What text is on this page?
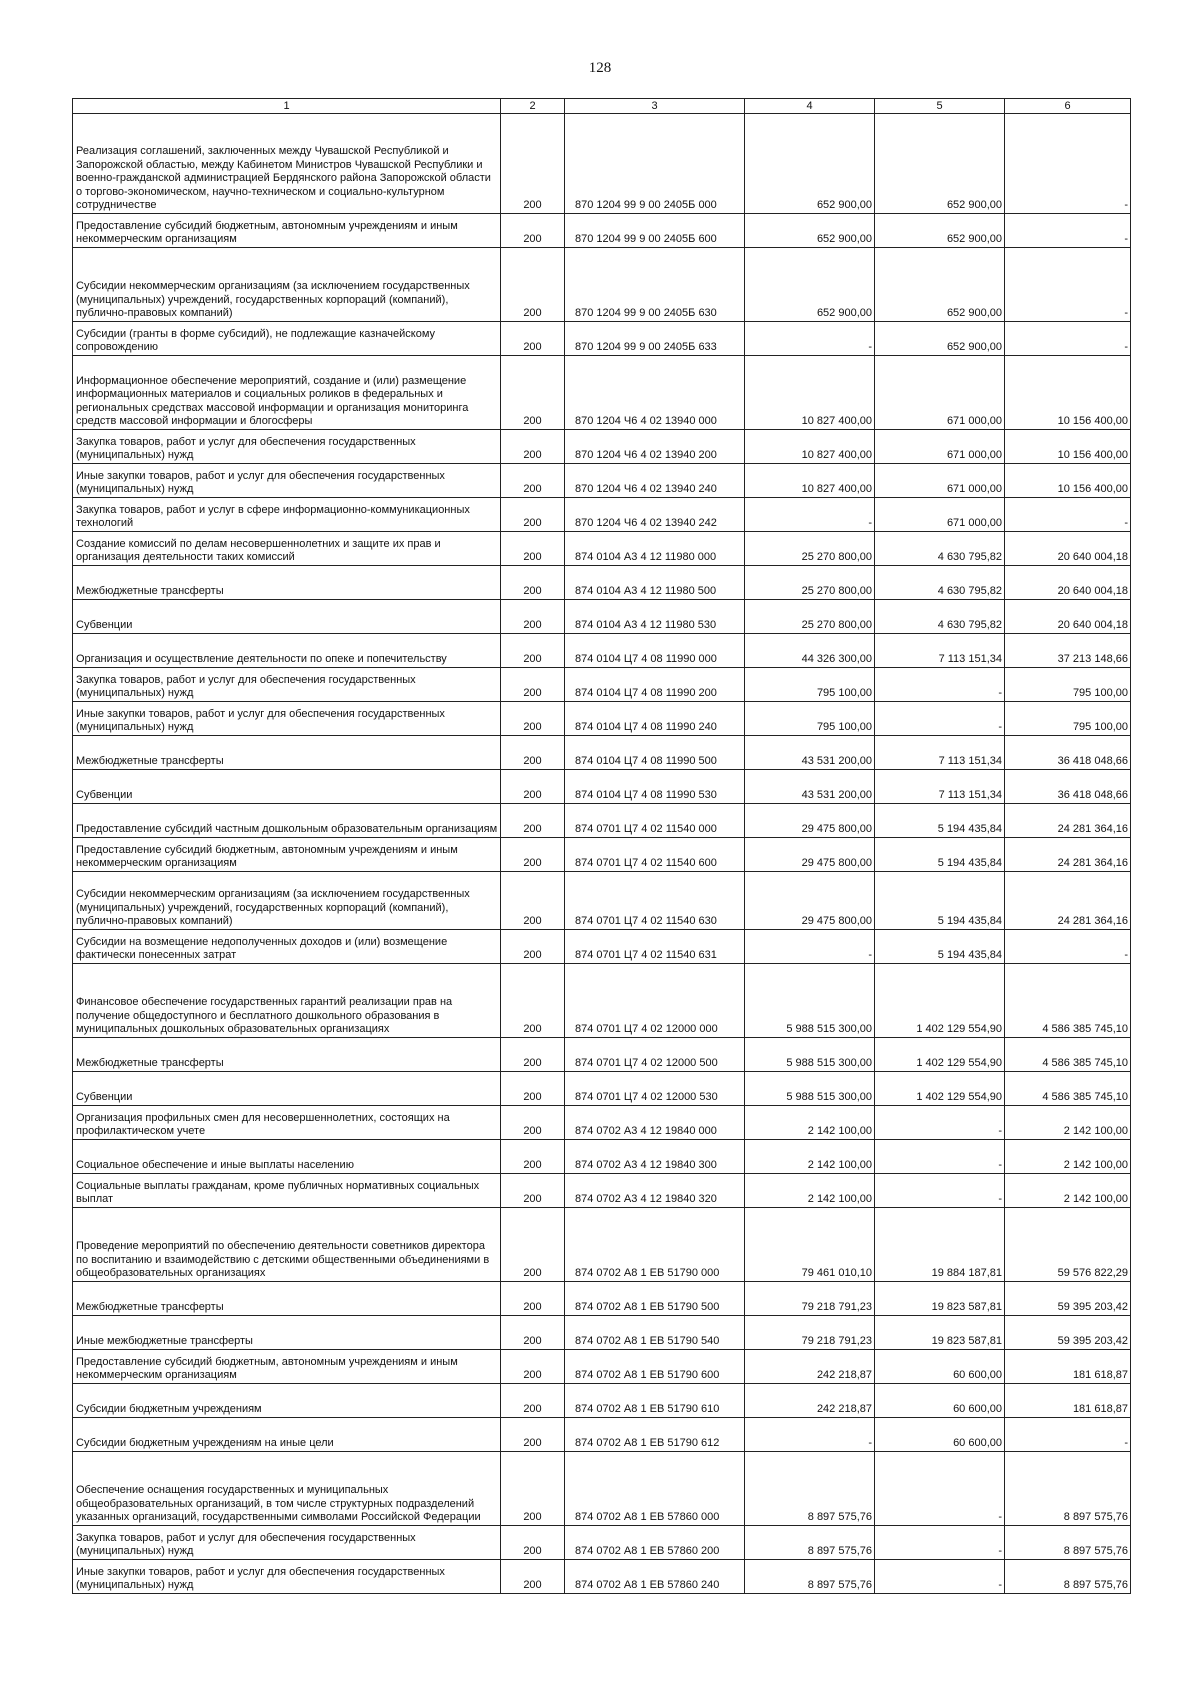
128
1	2	3	4	5	6
Реализация соглашений, заключенных между Чувашской Республикой и Запорожской областью, между Кабинетом Министров Чувашской Республики и военно-гражданской администрацией Бердянского района Запорожской области о торгово-экономическом, научно-техническом и социально-культурном сотрудничестве	200	870 1204 99 9 00 2405Б 000	652 900,00	652 900,00	-
Предоставление субсидий бюджетным, автономным учреждениям и иным некоммерческим организациям	200	870 1204 99 9 00 2405Б 600	652 900,00	652 900,00	-
Субсидии некоммерческим организациям (за исключением государственных (муниципальных) учреждений, государственных корпораций (компаний), публично-правовых компаний)	200	870 1204 99 9 00 2405Б 630	652 900,00	652 900,00	-
Субсидии (гранты в форме субсидий), не подлежащие казначейскому сопровождению	200	870 1204 99 9 00 2405Б 633	-	652 900,00	-
Информационное обеспечение мероприятий, создание и (или) размещение информационных материалов и социальных роликов в федеральных и региональных средствах массовой информации и организация мониторинга средств массовой информации и блогосферы	200	870 1204 Ч6 4 02 13940 000	10 827 400,00	671 000,00	10 156 400,00
Закупка товаров, работ и услуг для обеспечения государственных (муниципальных) нужд	200	870 1204 Ч6 4 02 13940 200	10 827 400,00	671 000,00	10 156 400,00
Иные закупки товаров, работ и услуг для обеспечения государственных (муниципальных) нужд	200	870 1204 Ч6 4 02 13940 240	10 827 400,00	671 000,00	10 156 400,00
Закупка товаров, работ и услуг в сфере информационно-коммуникационных технологий	200	870 1204 Ч6 4 02 13940 242	-	671 000,00	-
Создание комиссий по делам несовершеннолетних и защите их прав и организация деятельности таких комиссий	200	874 0104 А3 4 12 11980 000	25 270 800,00	4 630 795,82	20 640 004,18
Межбюджетные трансферты	200	874 0104 А3 4 12 11980 500	25 270 800,00	4 630 795,82	20 640 004,18
Субвенции	200	874 0104 А3 4 12 11980 530	25 270 800,00	4 630 795,82	20 640 004,18
Организация и осуществление деятельности по опеке и попечительству	200	874 0104 Ц7 4 08 11990 000	44 326 300,00	7 113 151,34	37 213 148,66
Закупка товаров, работ и услуг для обеспечения государственных (муниципальных) нужд	200	874 0104 Ц7 4 08 11990 200	795 100,00	-	795 100,00
Иные закупки товаров, работ и услуг для обеспечения государственных (муниципальных) нужд	200	874 0104 Ц7 4 08 11990 240	795 100,00	-	795 100,00
Межбюджетные трансферты	200	874 0104 Ц7 4 08 11990 500	43 531 200,00	7 113 151,34	36 418 048,66
Субвенции	200	874 0104 Ц7 4 08 11990 530	43 531 200,00	7 113 151,34	36 418 048,66
Предоставление субсидий частным дошкольным образовательным организациям	200	874 0701 Ц7 4 02 11540 000	29 475 800,00	5 194 435,84	24 281 364,16
Предоставление субсидий бюджетным, автономным учреждениям и иным некоммерческим организациям	200	874 0701 Ц7 4 02 11540 600	29 475 800,00	5 194 435,84	24 281 364,16
Субсидии некоммерческим организациям (за исключением государственных (муниципальных) учреждений, государственных корпораций (компаний), публично-правовых компаний)	200	874 0701 Ц7 4 02 11540 630	29 475 800,00	5 194 435,84	24 281 364,16
Субсидии на возмещение недополученных доходов и (или) возмещение фактически понесенных затрат	200	874 0701 Ц7 4 02 11540 631	-	5 194 435,84	-
Финансовое обеспечение государственных гарантий реализации прав на получение общедоступного и бесплатного дошкольного образования в муниципальных дошкольных образовательных организациях	200	874 0701 Ц7 4 02 12000 000	5 988 515 300,00	1 402 129 554,90	4 586 385 745,10
Межбюджетные трансферты	200	874 0701 Ц7 4 02 12000 500	5 988 515 300,00	1 402 129 554,90	4 586 385 745,10
Субвенции	200	874 0701 Ц7 4 02 12000 530	5 988 515 300,00	1 402 129 554,90	4 586 385 745,10
Организация профильных смен для несовершеннолетних, состоящих на профилактическом учете	200	874 0702 А3 4 12 19840 000	2 142 100,00	-	2 142 100,00
Социальное обеспечение и иные выплаты населению	200	874 0702 А3 4 12 19840 300	2 142 100,00	-	2 142 100,00
Социальные выплаты гражданам, кроме публичных нормативных социальных выплат	200	874 0702 А3 4 12 19840 320	2 142 100,00	-	2 142 100,00
Проведение мероприятий по обеспечению деятельности советников директора по воспитанию и взаимодействию с детскими общественными объединениями в общеобразовательных организациях	200	874 0702 А8 1 ЕВ 51790 000	79 461 010,10	19 884 187,81	59 576 822,29
Межбюджетные трансферты	200	874 0702 А8 1 ЕВ 51790 500	79 218 791,23	19 823 587,81	59 395 203,42
Иные межбюджетные трансферты	200	874 0702 А8 1 ЕВ 51790 540	79 218 791,23	19 823 587,81	59 395 203,42
Предоставление субсидий бюджетным, автономным учреждениям и иным некоммерческим организациям	200	874 0702 А8 1 ЕВ 51790 600	242 218,87	60 600,00	181 618,87
Субсидии бюджетным учреждениям	200	874 0702 А8 1 ЕВ 51790 610	242 218,87	60 600,00	181 618,87
Субсидии бюджетным учреждениям на иные цели	200	874 0702 А8 1 ЕВ 51790 612	-	60 600,00	-
Обеспечение оснащения государственных и муниципальных общеобразовательных организаций, в том числе структурных подразделений указанных организаций, государственными символами Российской Федерации	200	874 0702 А8 1 ЕВ 57860 000	8 897 575,76	-	8 897 575,76
Закупка товаров, работ и услуг для обеспечения государственных (муниципальных) нужд	200	874 0702 А8 1 ЕВ 57860 200	8 897 575,76	-	8 897 575,76
Иные закупки товаров, работ и услуг для обеспечения государственных (муниципальных) нужд	200	874 0702 А8 1 ЕВ 57860 240	8 897 575,76	-	8 897 575,76
